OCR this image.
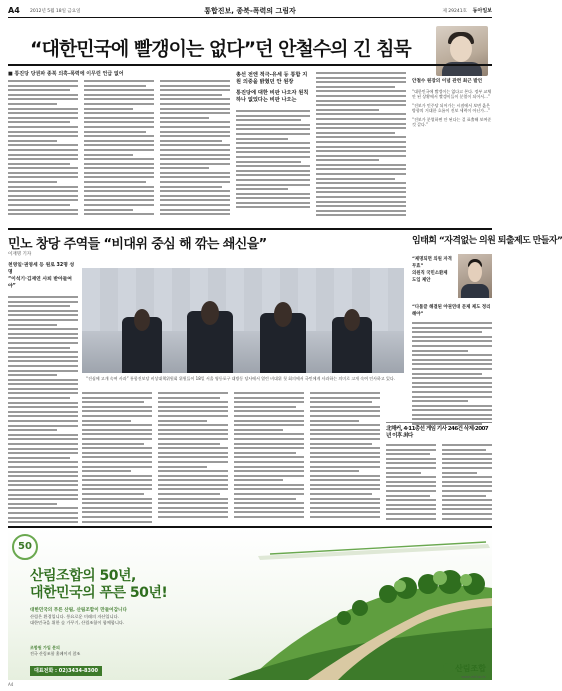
A4 2012년 5월 18일 금요일	통합진보, 종북-폭력의 그림자	제 29241호 동아일보
“대한민국에 빨갱이는 없다”던 안철수의 긴 침묵
■ 통진당 당권파 종북 의혹-폭력에 이무런 언급 없어	총선 전엔 적극-유세 등 통합 지원 의중을 밝혔던 안 원장
통진당에 대한 비판 나오자 원칙 하나 없었다는 비판 나오는
안철수 원장의 이념 관련 최근 발언
“대한민국에 빨갱이는 없다고 본다. 정부 교체 안 된 상황에서 빨갱이들이 분열이 되어서…”
“진보가 민주당 되어가는 시점에서 보면 옳은 방향의 거대한 흐름이 진보 세력이 아닌가…”
“진보가 분열하면 안 된다는 걸 표출해 보여준 것 같다.”
민노 창당 주역들 “비대위 중심 해 깎는 쇄신을”
이재명 기자
천영일·권영세 등 원로 32명 성명
“이석기·김재연 사퇴 받아들여야”
“진심에 고개 숙여 사과” 통합진보당 비상대책위원회 위원들이 18일 서울 영등포구 대방동 당사에서 열린 비대위 첫 회의에서 국민에게 사과하는 의미로 고개 숙여 인사하고 있다.
임태희 “자격없는 의원 퇴출제도 만들자”
“제명되면 의원 자격 무효”
의원직 국민소환제 도입 제안
“다툼끝 해결된 야권연대 문제 제도 정리 해야”
北해커, 4·11총선 게임 기사 246건 삭제·2007년 이후 최다
50
산림조합의 50년,
대한민국의 푸른 50년!
대한민국의 푸른 산림, 산림조합이 만들어갑니다
산림은 환경입니다. 풍요로운 미래의 자산입니다.
대한민국을 위한 숲 가꾸기, 산림조합이 함께합니다.
조합원 가입 문의
전국 산림조합 홈페이지 참조
대표전화 : 02)3434-8300	산림조합
www.nfcf.or.kr
A4
